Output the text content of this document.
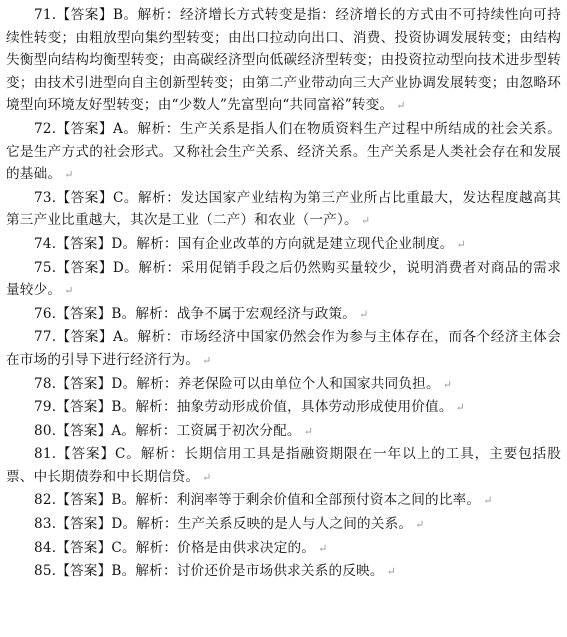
71.【答案】B。解析：经济增长方式转变是指：经济增长的方式由不可持续性向可持续性转变；由粗放型向集约型转变；由出口拉动向出口、消费、投资协调发展转变；由结构失衡型向结构均衡型转变；由高碳经济型向低碳经济型转变；由投资拉动型向技术进步型转变；由技术引进型向自主创新型转变；由第二产业带动向三大产业协调发展转变；由忽略环境型向环境友好型转变；由“少数人”先富型向“共同富裕”转变。 ↵

72.【答案】A。解析：生产关系是指人们在物质资料生产过程中所结成的社会关系。它是生产方式的社会形式。又称社会生产关系、经济关系。生产关系是人类社会存在和发展的基础。 ↵

73.【答案】C。解析：发达国家产业结构为第三产业所占比重最大，发达程度越高其第三产业比重越大，其次是工业（二产）和农业（一产）。 ↵

74.【答案】D。解析：国有企业改革的方向就是建立现代企业制度。 ↵

75.【答案】D。解析：采用促销手段之后仍然购买量较少，说明消费者对商品的需求量较少。 ↵

76.【答案】B。解析：战争不属于宏观经济与政策。 ↵

77.【答案】A。解析：市场经济中国家仍然会作为参与主体存在，而各个经济主体会在市场的引导下进行经济行为。 ↵

78.【答案】D。解析：养老保险可以由单位个人和国家共同负担。 ↵

79.【答案】B。解析：抽象劳动形成价值，具体劳动形成使用价值。 ↵

80.【答案】A。解析：工资属于初次分配。 ↵

81.【答案】C。解析：长期信用工具是指融资期限在一年以上的工具，主要包括股票、中长期债券和中长期信贷。 ↵

82.【答案】B。解析：利润率等于剩余价值和全部预付资本之间的比率。 ↵

83.【答案】D。解析：生产关系反映的是人与人之间的关系。 ↵

84.【答案】C。解析：价格是由供求决定的。 ↵

85.【答案】B。解析：讨价还价是市场供求关系的反映。 ↵
